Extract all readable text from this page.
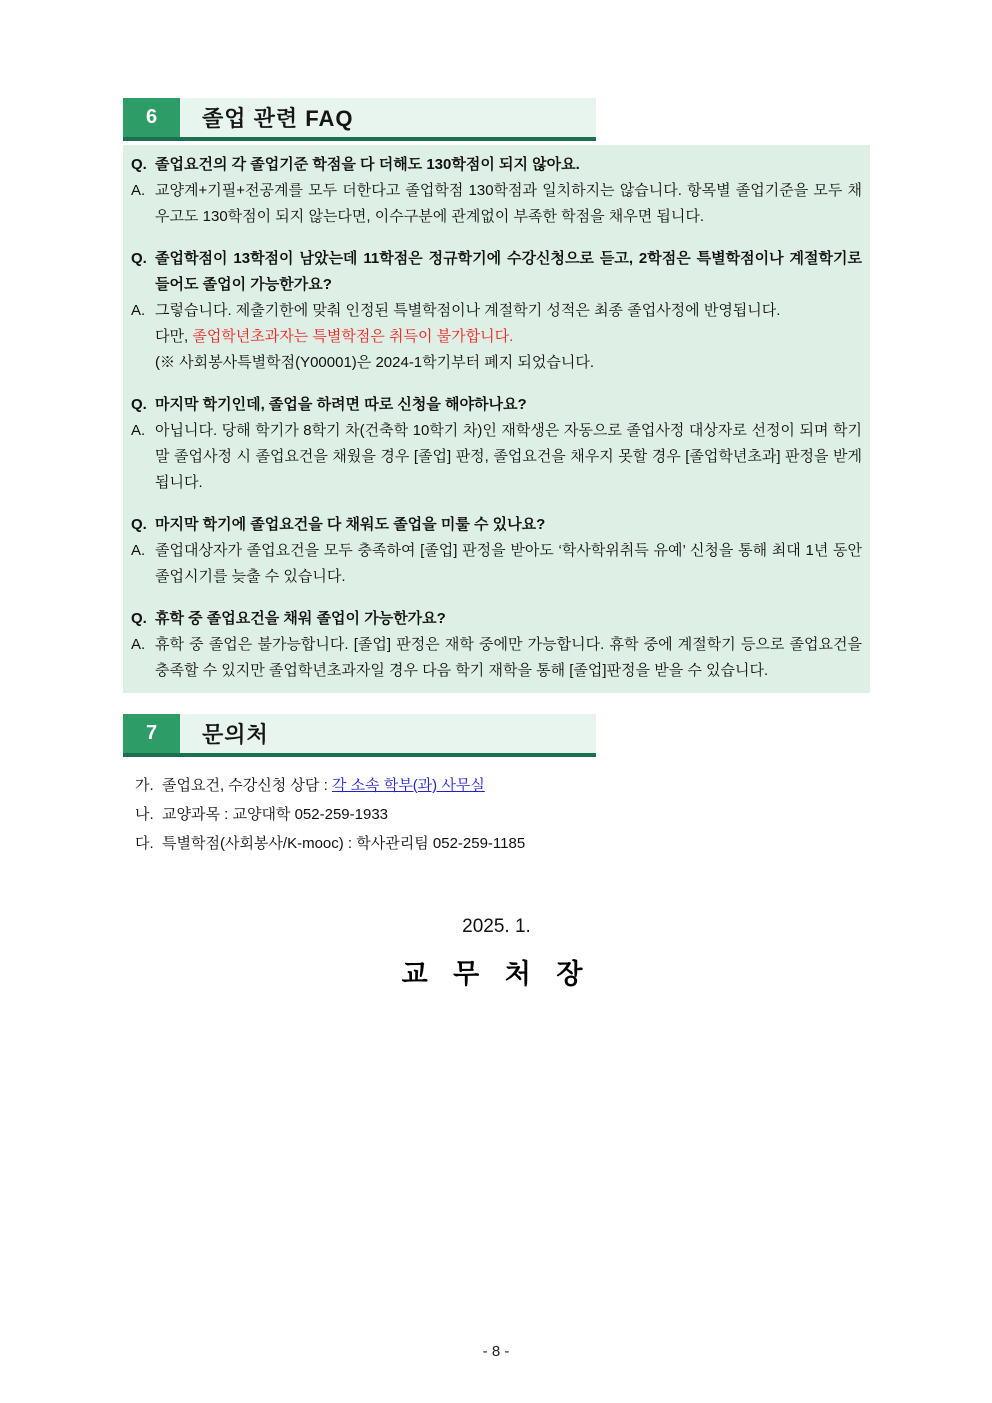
6	졸업 관련 FAQ
Q. 졸업요건의 각 졸업기준 학점을 다 더해도 130학점이 되지 않아요.
A. 교양계+기필+전공계를 모두 더한다고 졸업학점 130학점과 일치하지는 않습니다. 항목별 졸업기준을 모두 채우고도 130학점이 되지 않는다면, 이수구분에 관계없이 부족한 학점을 채우면 됩니다.
Q. 졸업학점이 13학점이 남았는데 11학점은 정규학기에 수강신청으로 듣고, 2학점은 특별학점이나 계절학기로 들어도 졸업이 가능한가요?
A. 그렇습니다. 제출기한에 맞춰 인정된 특별학점이나 계절학기 성적은 최종 졸업사정에 반영됩니다.
다만, 졸업학년초과자는 특별학점은 취득이 불가합니다.
(※ 사회봉사특별학점(Y00001)은 2024-1학기부터 폐지 되었습니다.
Q. 마지막 학기인데, 졸업을 하려면 따로 신청을 해야하나요?
A. 아닙니다. 당해 학기가 8학기 차(건축학 10학기 차)인 재학생은 자동으로 졸업사정 대상자로 선정이 되며 학기 말 졸업사정 시 졸업요건을 채웠을 경우 [졸업] 판정, 졸업요건을 채우지 못할 경우 [졸업학년초과] 판정을 받게 됩니다.
Q. 마지막 학기에 졸업요건을 다 채워도 졸업을 미룰 수 있나요?
A. 졸업대상자가 졸업요건을 모두 충족하여 [졸업] 판정을 받아도 ‘학사학위취득 유예’ 신청을 통해 최대 1년 동안 졸업시기를 늦출 수 있습니다.
Q. 휴학 중 졸업요건을 채워 졸업이 가능한가요?
A. 휴학 중 졸업은 불가능합니다. [졸업] 판정은 재학 중에만 가능합니다. 휴학 중에 계절학기 등으로 졸업요건을 충족할 수 있지만 졸업학년초과자일 경우 다음 학기 재학을 통해 [졸업]판정을 받을 수 있습니다.
7	문의처
가. 졸업요건, 수강신청 상담 : 각 소속 학부(과) 사무실
나. 교양과목 : 교양대학 052-259-1933
다. 특별학점(사회봉사/K-mooc) : 학사관리팀 052-259-1185
2025. 1.
교 무 처 장
- 8 -
